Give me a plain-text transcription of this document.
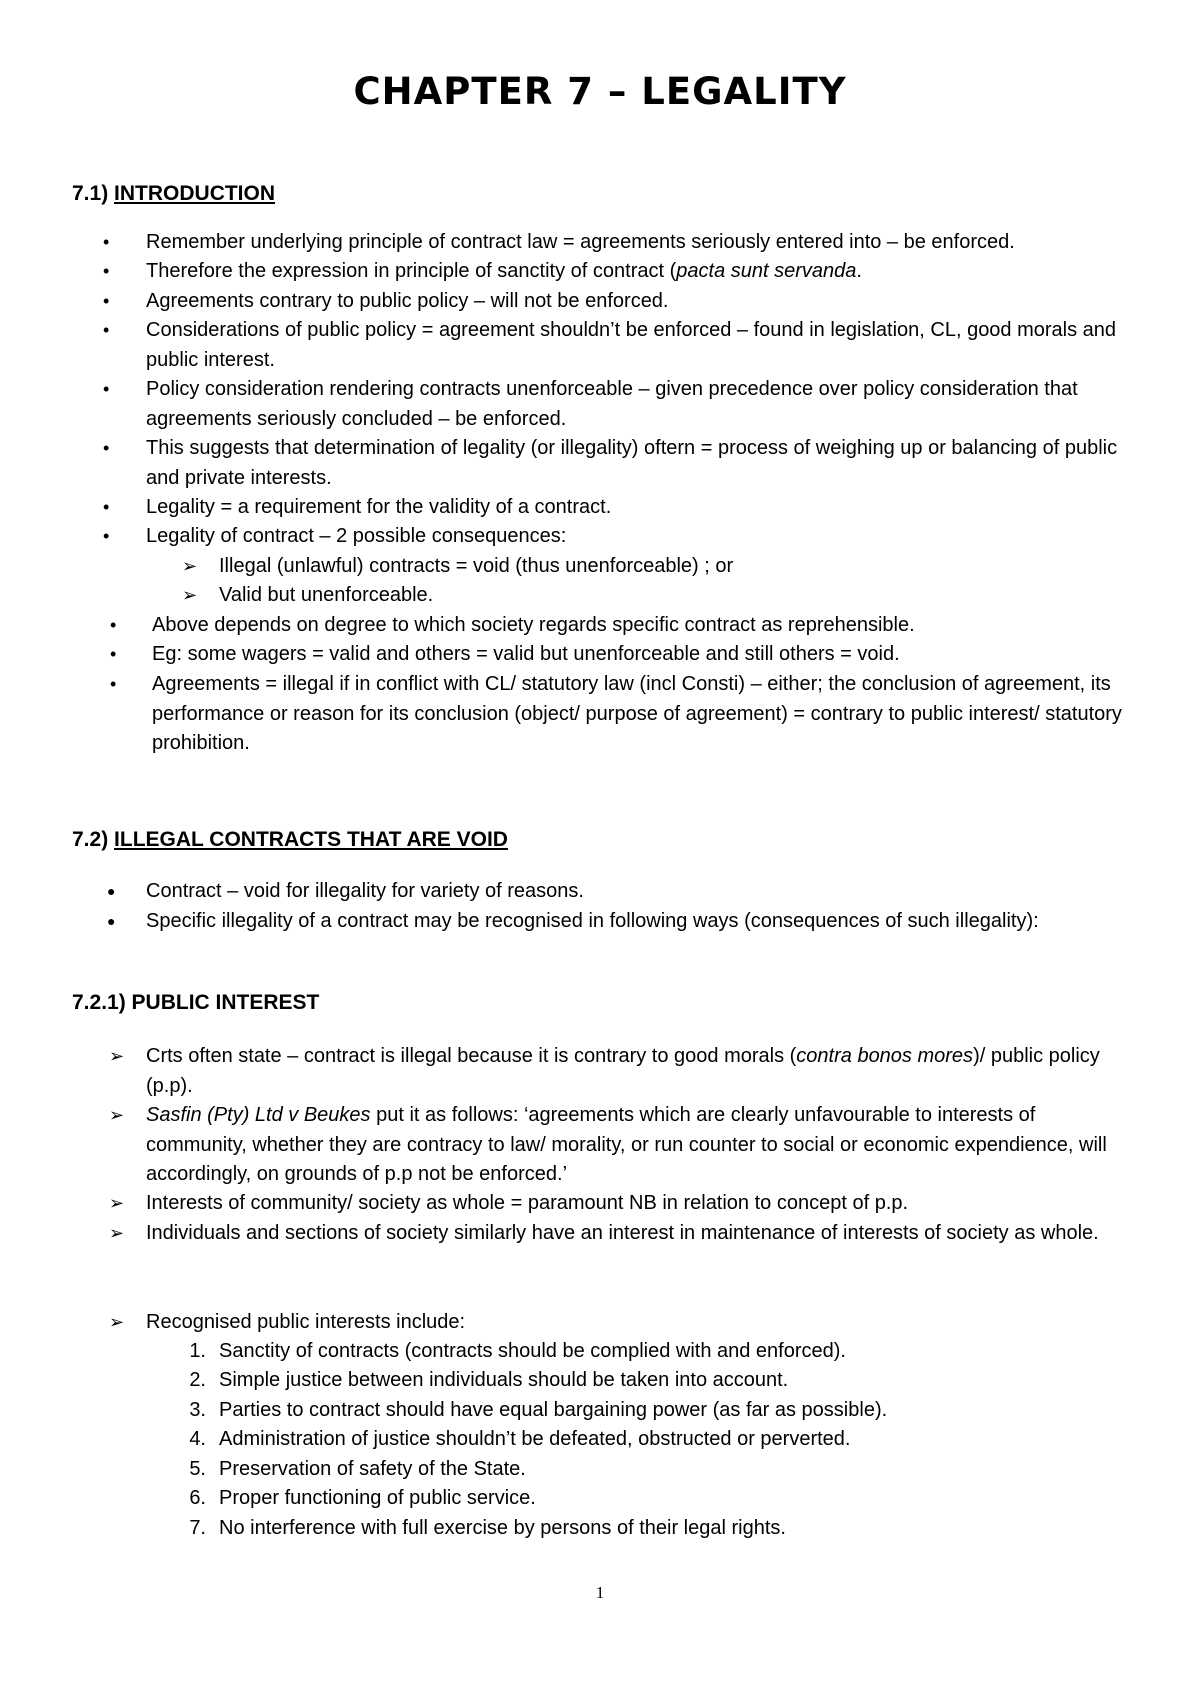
CHAPTER 7 – LEGALITY
7.1) INTRODUCTION
• Remember underlying principle of contract law = agreements seriously entered into – be enforced.

• Therefore the expression in principle of sanctity of contract (pacta sunt servanda.

• Agreements contrary to public policy – will not be enforced.

• Considerations of public policy = agreement shouldn’t be enforced – found in legislation, CL, good morals and public interest.

• Policy consideration rendering contracts unenforceable – given precedence over policy consideration that agreements seriously concluded – be enforced.

• This suggests that determination of legality (or illegality) oftern = process of weighing up or balancing of public and private interests.

• Legality = a requirement for the validity of a contract.

• Legality of contract – 2 possible consequences:

➢ Illegal (unlawful) contracts = void (thus unenforceable) ; or

➢ Valid but unenforceable.

• Above depends on degree to which society regards specific contract as reprehensible.

• Eg: some wagers = valid and others = valid but unenforceable and still others = void.

• Agreements = illegal if in conflict with CL/ statutory law (incl Consti) – either; the conclusion of agreement, its performance or reason for its conclusion (object/ purpose of agreement) = contrary to public interest/ statutory prohibition.

7.2) ILLEGAL CONTRACTS THAT ARE VOID
● Contract – void for illegality for variety of reasons.

● Specific illegality of a contract may be recognised in following ways (consequences of such illegality):

7.2.1) PUBLIC INTEREST
➢ Crts often state – contract is illegal because it is contrary to good morals (contra bonos mores)/ public policy (p.p).

➢ Sasfin (Pty) Ltd v Beukes put it as follows: ‘agreements which are clearly unfavourable to interests of community, whether they are contracy to law/ morality, or run counter to social or economic expendience, will accordingly, on grounds of p.p not be enforced.’

➢ Interests of community/ society as whole = paramount NB in relation to concept of p.p.

➢ Individuals and sections of society similarly have an interest in maintenance of interests of society as whole.

➢ Recognised public interests include:

1. Sanctity of contracts (contracts should be complied with and enforced).

2. Simple justice between individuals should be taken into account.

3. Parties to contract should have equal bargaining power (as far as possible).

4. Administration of justice shouldn’t be defeated, obstructed or perverted.

5. Preservation of safety of the State.

6. Proper functioning of public service.

7. No interference with full exercise by persons of their legal rights.

1
